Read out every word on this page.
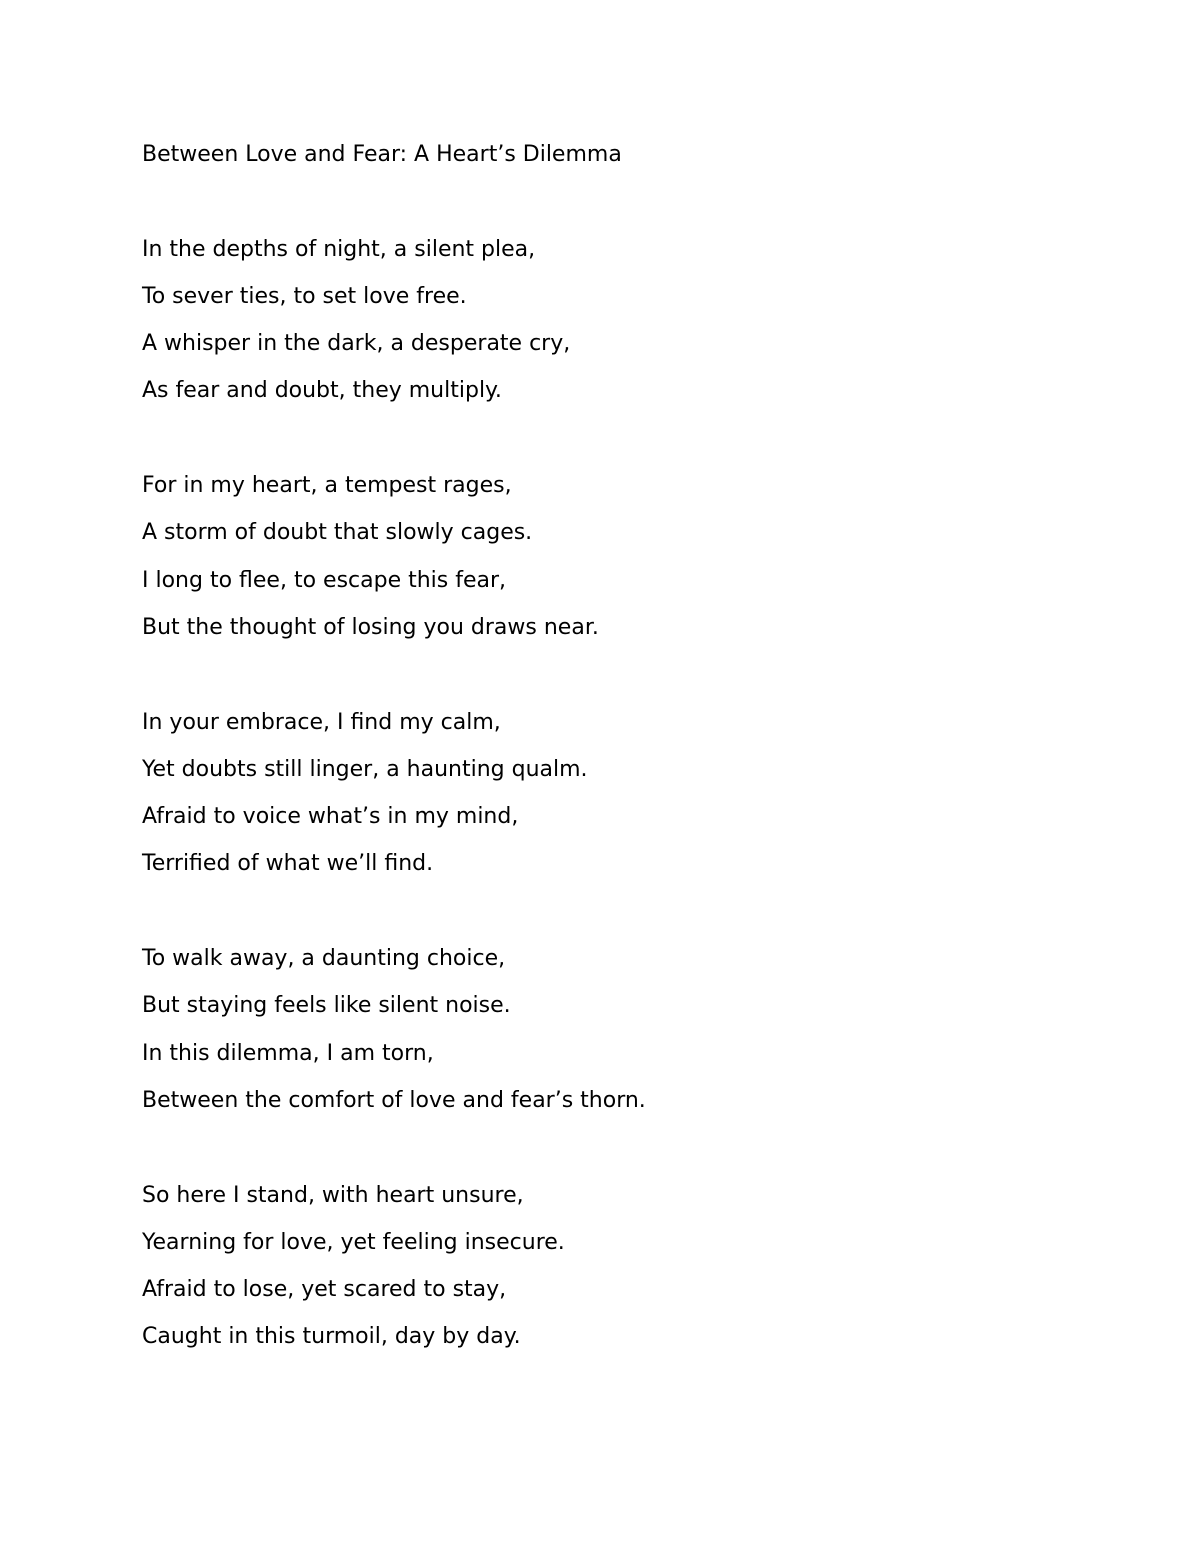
Between Love and Fear: A Heart’s Dilemma
In the depths of night, a silent plea,
To sever ties, to set love free.
A whisper in the dark, a desperate cry,
As fear and doubt, they multiply.
For in my heart, a tempest rages,
A storm of doubt that slowly cages.
I long to flee, to escape this fear,
But the thought of losing you draws near.
In your embrace, I find my calm,
Yet doubts still linger, a haunting qualm.
Afraid to voice what’s in my mind,
Terrified of what we’ll find.
To walk away, a daunting choice,
But staying feels like silent noise.
In this dilemma, I am torn,
Between the comfort of love and fear’s thorn.
So here I stand, with heart unsure,
Yearning for love, yet feeling insecure.
Afraid to lose, yet scared to stay,
Caught in this turmoil, day by day.
